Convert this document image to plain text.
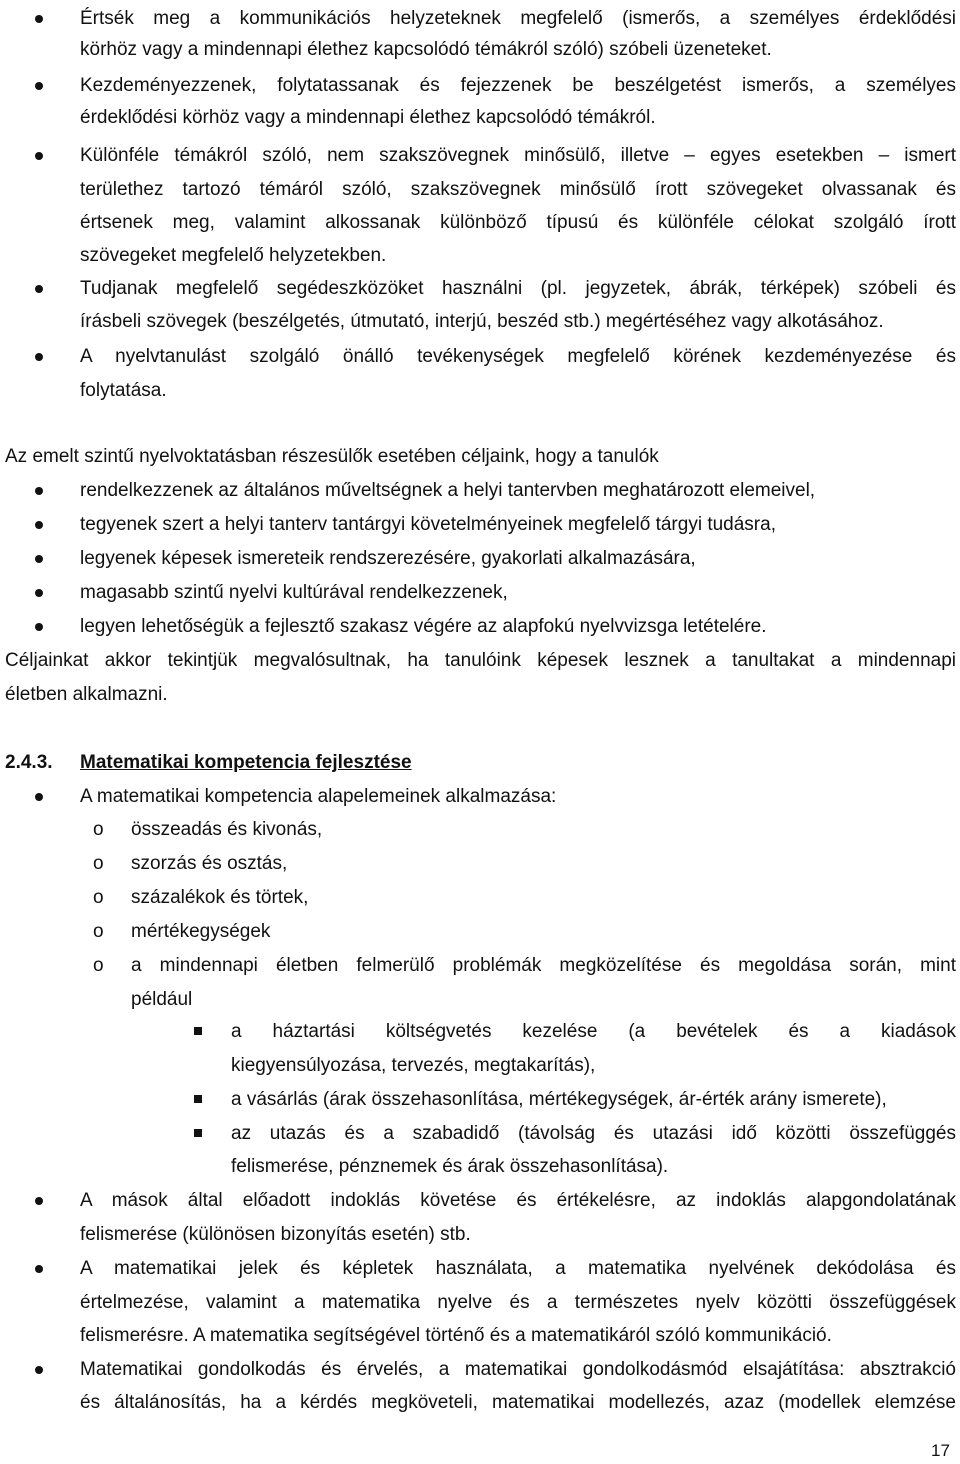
Értsék meg a kommunikációs helyzeteknek megfelelő (ismerős, a személyes érdeklődési
körhöz vagy a mindennapi élethez kapcsolódó témákról szóló) szóbeli üzeneteket.
Kezdeményezzenek, folytatassanak és fejezzenek be beszélgetést ismerős, a személyes
érdeklődési körhöz vagy a mindennapi élethez kapcsolódó témákról.
Különféle témákról szóló, nem szakszövegnek minősülő, illetve – egyes esetekben – ismert
területhez tartozó témáról szóló, szakszövegnek minősülő írott szövegeket olvassanak és
értsenek meg, valamint alkossanak különböző típusú és különféle célokat szolgáló írott
szövegeket megfelelő helyzetekben.
Tudjanak megfelelő segédeszközöket használni (pl. jegyzetek, ábrák, térképek) szóbeli és
írásbeli szövegek (beszélgetés, útmutató, interjú, beszéd stb.) megértéséhez vagy alkotásához.
A nyelvtanulást szolgáló önálló tevékenységek megfelelő körének kezdeményezése és
folytatása.
Az emelt szintű nyelvoktatásban részesülők esetében céljaink, hogy a tanulók
rendelkezzenek az általános műveltségnek a helyi tantervben meghatározott elemeivel,
tegyenek szert a helyi tanterv tantárgyi követelményeinek megfelelő tárgyi tudásra,
legyenek képesek ismereteik rendszerezésére, gyakorlati alkalmazására,
magasabb szintű nyelvi kultúrával rendelkezzenek,
legyen lehetőségük a fejlesztő szakasz végére az alapfokú nyelvvizsga letételére.
Céljainkat akkor tekintjük megvalósultnak, ha tanulóink képesek lesznek a tanultakat a mindennapi
életben alkalmazni.
2.4.3. Matematikai kompetencia fejlesztése
A matematikai kompetencia alapelemeinek alkalmazása:
o összeadás és kivonás,
o szorzás és osztás,
o százalékok és törtek,
o mértékegységek
o a mindennapi életben felmerülő problémák megközelítése és megoldása során, mint
például
a háztartási költségvetés kezelése (a bevételek és a kiadások
kiegyensúlyozása, tervezés, megtakarítás),
a vásárlás (árak összehasonlítása, mértékegységek, ár-érték arány ismerete),
az utazás és a szabadidő (távolság és utazási idő közötti összefüggés
felismerése, pénznemek és árak összehasonlítása).
A mások által előadott indoklás követése és értékelésre, az indoklás alapgondolatának
felismerése (különösen bizonyítás esetén) stb.
A matematikai jelek és képletek használata, a matematika nyelvének dekódolása és
értelmezése, valamint a matematika nyelve és a természetes nyelv közötti összefüggések
felismerésre. A matematika segítségével történő és a matematikáról szóló kommunikáció.
Matematikai gondolkodás és érvelés, a matematikai gondolkodásmód elsajátítása: absztrakció
és általánosítás, ha a kérdés megköveteli, matematikai modellezés, azaz (modellek elemzése
17
